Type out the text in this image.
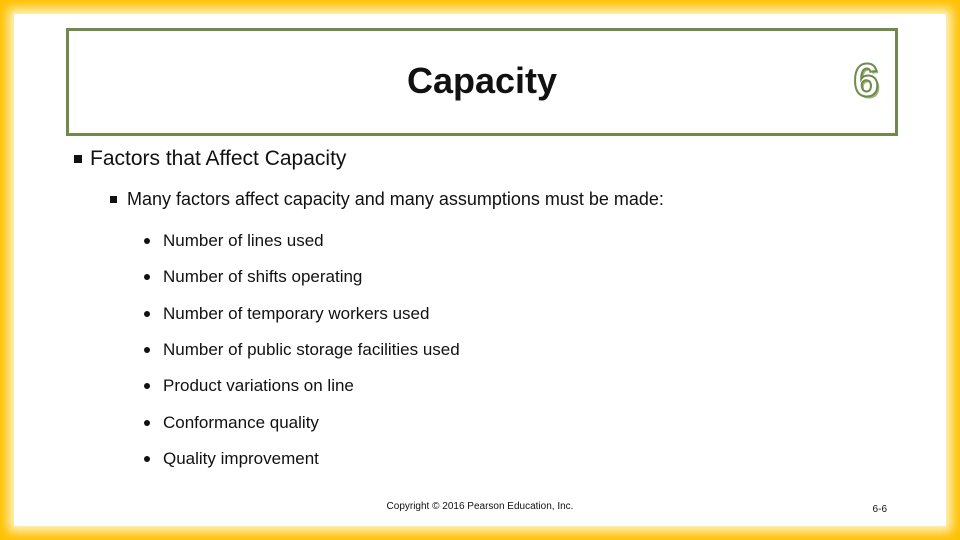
Capacity	6
Factors that Affect Capacity
Many factors affect capacity and many assumptions must be made:
Number of lines used
Number of shifts operating
Number of temporary workers used
Number of public storage facilities used
Product variations on line
Conformance quality
Quality improvement
Copyright © 2016 Pearson Education, Inc.	6-6
